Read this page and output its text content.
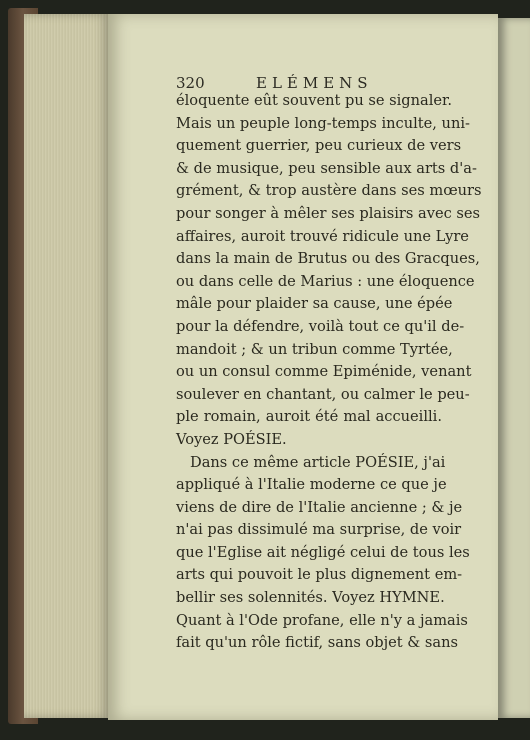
320	ELÉMENS
éloquente eût souvent pu se signaler.
Mais un peuple long-temps inculte, uni-
quement guerrier, peu curieux de vers
& de musique, peu sensible aux arts d'a-
grément, & trop austère dans ses mœurs
pour songer à mêler ses plaisirs avec ses
affaires, auroit trouvé ridicule une Lyre
dans la main de Brutus ou des Gracques,
ou dans celle de Marius : une éloquence
mâle pour plaider sa cause, une épée
pour la défendre, voilà tout ce qu'il de-
mandoit ; & un tribun comme Tyrtée,
ou un consul comme Epiménide, venant
soulever en chantant, ou calmer le peu-
ple romain, auroit été mal accueilli.
Voyez POÉSIE.
Dans ce même article POÉSIE, j'ai
appliqué à l'Italie moderne ce que je
viens de dire de l'Italie ancienne ; & je
n'ai pas dissimulé ma surprise, de voir
que l'Eglise ait négligé celui de tous les
arts qui pouvoit le plus dignement em-
bellir ses solennités. Voyez HYMNE.
Quant à l'Ode profane, elle n'y a jamais
fait qu'un rôle fictif, sans objet & sans
